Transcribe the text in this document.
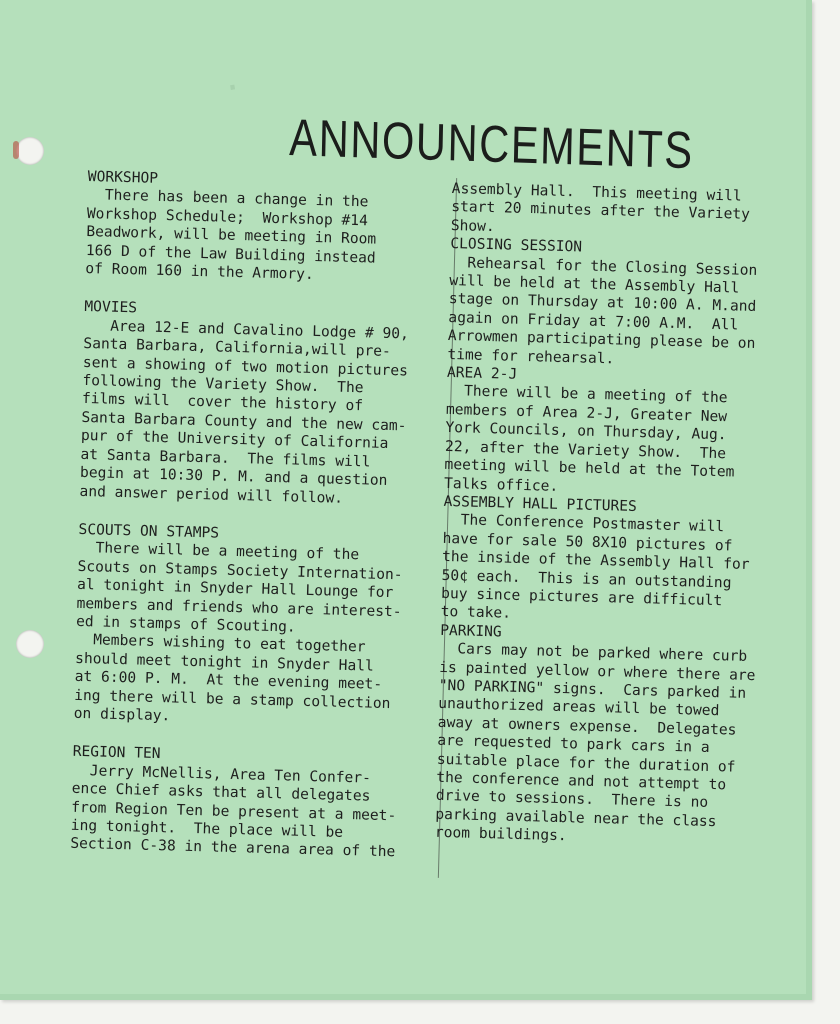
·
ANNOUNCEMENTS
WORKSHOP

There has been a change in the
Workshop Schedule;  Workshop #14
Beadwork, will be meeting in Room
166 D of the Law Building instead
of Room 160 in the Armory.

MOVIES

Area 12-E and Cavalino Lodge # 90,
Santa Barbara, California,will pre-
sent a showing of two motion pictures
following the Variety Show.  The
films will  cover the history of
Santa Barbara County and the new cam-
pur of the University of California
at Santa Barbara.  The films will
begin at 10:30 P. M. and a question
and answer period will follow.

SCOUTS ON STAMPS

There will be a meeting of the
Scouts on Stamps Society Internation-
al tonight in Snyder Hall Lounge for
members and friends who are interest-
ed in stamps of Scouting.

Members wishing to eat together
should meet tonight in Snyder Hall
at 6:00 P. M.  At the evening meet-
ing there will be a stamp collection
on display.

REGION TEN

Jerry McNellis, Area Ten Confer-
ence Chief asks that all delegates
from Region Ten be present at a meet-
ing tonight.  The place will be
Section C-38 in the arena area of the

Assembly Hall.  This meeting will
start 20 minutes after the Variety
Show.

CLOSING SESSION

Rehearsal for the Closing Session
will be held at the Assembly Hall
stage on Thursday at 10:00 A. M.and
again on Friday at 7:00 A.M.  All
Arrowmen participating please be on
time for rehearsal.

AREA 2-J

There will be a meeting of the
members of Area 2-J, Greater New
York Councils, on Thursday, Aug.
22, after the Variety Show.  The
meeting will be held at the Totem
Talks office.

ASSEMBLY HALL PICTURES

The Conference Postmaster will
have for sale 50 8X10 pictures of
the inside of the Assembly Hall for
50¢ each.  This is an outstanding
buy since pictures are difficult
to take.

PARKING

Cars may not be parked where curb
is painted yellow or where there are
"NO PARKING" signs.  Cars parked in
unauthorized areas will be towed
away at owners expense.  Delegates
are requested to park cars in a
suitable place for the duration of
the conference and not attempt to
drive to sessions.  There is no
parking available near the class
room buildings.
